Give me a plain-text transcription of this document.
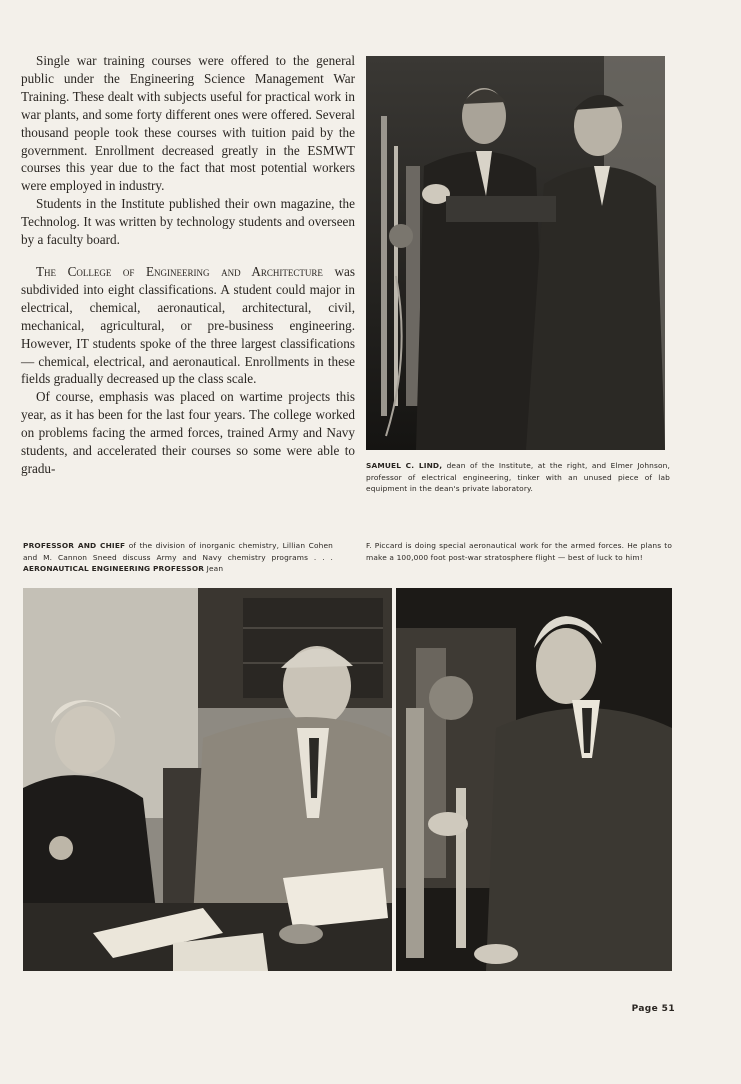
Single war training courses were offered to the general public under the Engineering Science Management War Training. These dealt with subjects useful for practical work in war plants, and some forty different ones were offered. Several thousand people took these courses with tuition paid by the government. Enrollment decreased greatly in the ESMWT courses this year due to the fact that most potential workers were employed in industry.

Students in the Institute published their own magazine, the Technolog. It was written by technology students and overseen by a faculty board.

The College of Engineering and Architecture was subdivided into eight classifications. A student could major in electrical, chemical, aeronautical, architectural, civil, mechanical, agricultural, or pre-business engineering. However, IT students spoke of the three largest classifications — chemical, electrical, and aeronautical. Enrollments in these fields gradually decreased up the class scale.

Of course, emphasis was placed on wartime projects this year, as it has been for the last four years. The college worked on problems facing the armed forces, trained Army and Navy students, and accelerated their courses so some were able to gradu-	SAMUEL C. LIND, dean of the Institute, at the right, and Elmer Johnson, professor of electrical engineering, tinker with an unused piece of lab equipment in the dean's private laboratory.
PROFESSOR AND CHIEF of the division of inorganic chemistry, Lillian Cohen and M. Cannon Sneed discuss Army and Navy chemistry programs . . . AERONAUTICAL ENGINEERING PROFESSOR Jean
F. Piccard is doing special aeronautical work for the armed forces. He plans to make a 100,000 foot post-war stratosphere flight — best of luck to him!
Page 51
